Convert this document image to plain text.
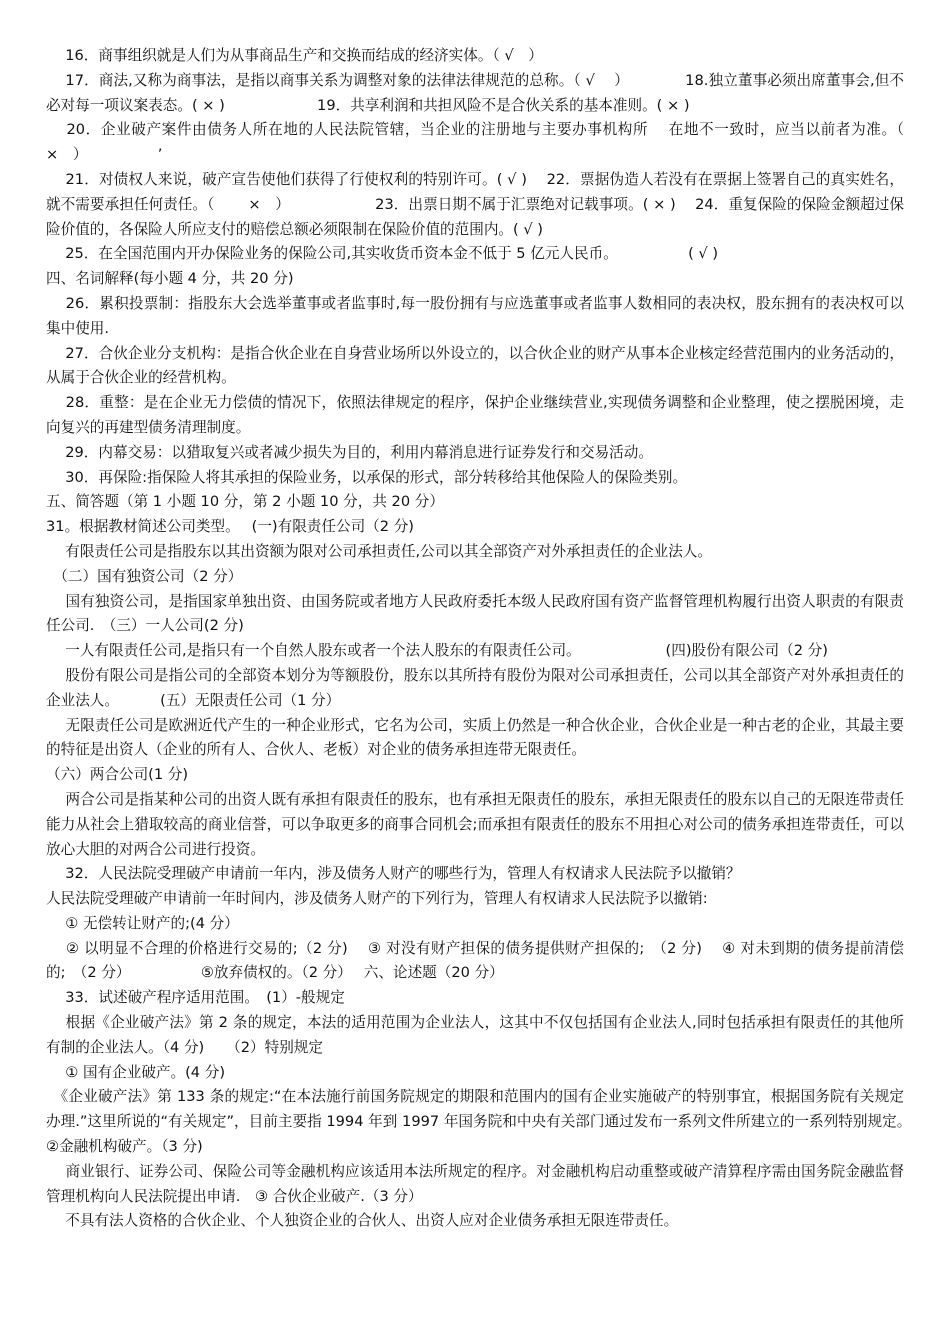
　 16．商事组织就是人们为从事商品生产和交换而结成的经济实体。（ √　）
　 17．商法,又称为商事法，是指以商事关系为调整对象的法律法律规范的总称。（ √　 ）　　　　 18.独立董事必须出席董事会,但不必对每一项议案表态。( × )　　　　　　 19．共享利润和共担风险不是合伙关系的基本准则。( × )
　 20．企业破产案件由债务人所在地的人民法院管辖，当企业的注册地与主要办事机构所　 在地不一致时，应当以前者为准。（　　 ×　）　　　　　 ’
　 21．对债权人来说，破产宣告使他们获得了行使权利的特别许可。( √ )　 22．票据伪造人若没有在票据上签署自己的真实姓名，就不需要承担任何责任。（　　 ×　）　　　　　　 23．出票日期不属于汇票绝对记载事项。( × )　 24．重复保险的保险金额超过保险价值的，各保险人所应支付的赔偿总额必须限制在保险价值的范围内。( √ )
　 25．在全国范围内开办保险业务的保险公司,其实收货币资本金不低于 5 亿元人民币。　　　　　 ( √ )
四、名词解释(每小题 4 分，共 20 分)
　 26．累积投票制：指股东大会选举董事或者监事时,每一股份拥有与应选董事或者监事人数相同的表决权，股东拥有的表决权可以集中使用.
　 27．合伙企业分支机构：是指合伙企业在自身营业场所以外设立的，以合伙企业的财产从事本企业核定经营范围内的业务活动的，从属于合伙企业的经营机构。
　 28．重整：是在企业无力偿债的情况下，依照法律规定的程序，保护企业继续营业,实现债务调整和企业整理，使之摆脱困境，走向复兴的再建型债务清理制度。
　 29．内幕交易：以猎取复兴或者减少损失为目的，利用内幕消息进行证券发行和交易活动。
　 30．再保险:指保险人将其承担的保险业务，以承保的形式，部分转移给其他保险人的保险类别。
五、简答题（第 1 小题 10 分，第 2 小题 10 分，共 20 分）
31。根据教材简述公司类型。　 (一)有限责任公司（2 分)
　 有限责任公司是指股东以其出资额为限对公司承担责任,公司以其全部资产对外承担责任的企业法人。
　（二）国有独资公司（2 分）
　 国有独资公司，是指国家单独出资、由国务院或者地方人民政府委托本级人民政府国有资产监督管理机构履行出资人职责的有限责任公司.　（三）一人公司(2 分)
　 一人有限责任公司,是指只有一个自然人股东或者一个法人股东的有限责任公司。　　　　　　 (四)股份有限公司（2 分)
　 股份有限公司是指公司的全部资本划分为等额股份，股东以其所持有股份为限对公司承担责任，公司以其全部资产对外承担责任的企业法人。　　　 (五）无限责任公司（1 分）
　 无限责任公司是欧洲近代产生的一种企业形式，它名为公司，实质上仍然是一种合伙企业，合伙企业是一种古老的企业，其最主要的特征是出资人（企业的所有人、合伙人、老板）对企业的债务承担连带无限责任。
（六）两合公司(1 分)
　 两合公司是指某种公司的出资人既有承担有限责任的股东，也有承担无限责任的股东，承担无限责任的股东以自己的无限连带责任能力从社会上猎取较高的商业信誉，可以争取更多的商事合同机会;而承担有限责任的股东不用担心对公司的债务承担连带责任，可以放心大胆的对两合公司进行投资。
　 32．人民法院受理破产申请前一年内，涉及债务人财产的哪些行为，管理人有权请求人民法院予以撤销？
人民法院受理破产申请前一年时间内，涉及债务人财产的下列行为，管理人有权请求人民法院予以撤销:
　 ① 无偿转让财产的;(4 分）
　 ② 以明显不合理的价格进行交易的;（2 分)　 ③ 对没有财产担保的债务提供财产担保的;　（2 分)　 ④ 对未到期的债务提前清偿的;　（2 分）　　　　　 ⑤放弃债权的。（2 分）　 六、论述题（20 分）
　 33．试述破产程序适用范围。　(1）-般规定
　 根据《企业破产法》第 2 条的规定，本法的适用范围为企业法人，这其中不仅包括国有企业法人,同时包括承担有限责任的其他所有制的企业法人。（4 分)　　（2）特别规定
　 ① 国有企业破产。(4 分)
　《企业破产法》第 133 条的规定:“在本法施行前国务院规定的期限和范围内的国有企业实施破产的特别事宜，根据国务院有关规定办理.”这里所说的“有关规定”，目前主要指 1994 年到 1997 年国务院和中央有关部门通过发布一系列文件所建立的一系列特别规定。　　 ②金融机构破产。（3 分)
　 商业银行、证券公司、保险公司等金融机构应该适用本法所规定的程序。对金融机构启动重整或破产清算程序需由国务院金融监督管理机构向人民法院提出申请.　③ 合伙企业破产.（3 分）
　 不具有法人资格的合伙企业、个人独资企业的合伙人、出资人应对企业债务承担无限连带责任。
